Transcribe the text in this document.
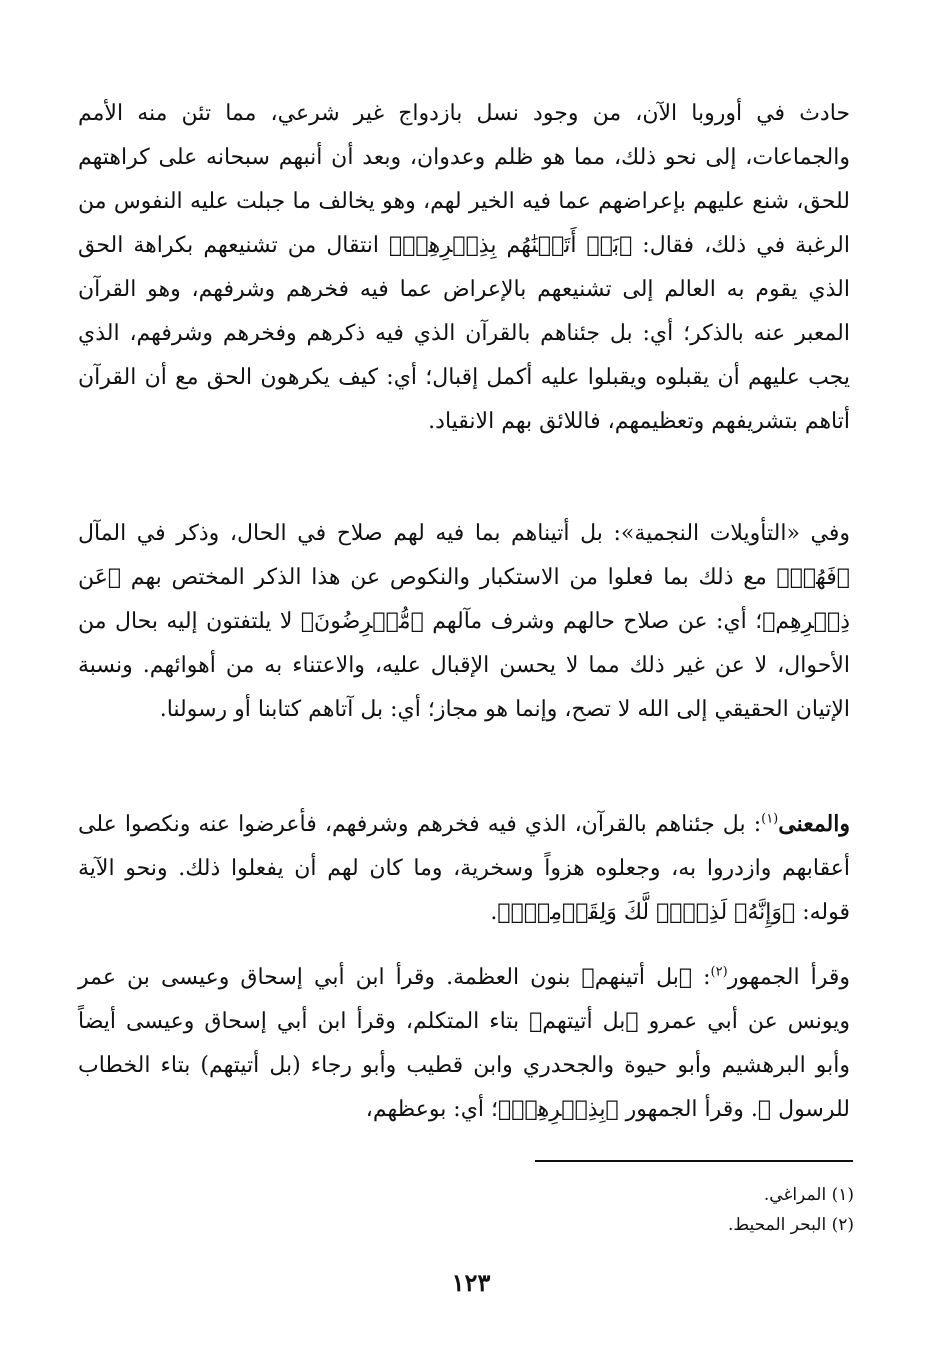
حادث في أوروبا الآن، من وجود نسل بازدواج غير شرعي، مما تئن منه الأمم والجماعات، إلى نحو ذلك، مما هو ظلم وعدوان، وبعد أن أنبهم سبحانه على كراهتهم للحق، شنع عليهم بإعراضهم عما فيه الخير لهم، وهو يخالف ما جبلت عليه النفوس من الرغبة في ذلك، فقال: ﴿بَلۡ أَتَيۡنَٰهُم بِذِكۡرِهِمۡ﴾ انتقال من تشنيعهم بكراهة الحق الذي يقوم به العالم إلى تشنيعهم بالإعراض عما فيه فخرهم وشرفهم، وهو القرآن المعبر عنه بالذكر؛ أي: بل جئناهم بالقرآن الذي فيه ذكرهم وفخرهم وشرفهم، الذي يجب عليهم أن يقبلوه ويقبلوا عليه أكمل إقبال؛ أي: كيف يكرهون الحق مع أن القرآن أتاهم بتشريفهم وتعظيمهم، فاللائق بهم الانقياد.

وفي «التأويلات النجمية»: بل أتيناهم بما فيه لهم صلاح في الحال، وذكر في المآل ﴿فَهُمۡ﴾ مع ذلك بما فعلوا من الاستكبار والنكوص عن هذا الذكر المختص بهم ﴿عَن ذِكۡرِهِم﴾؛ أي: عن صلاح حالهم وشرف مآلهم ﴿مُّعۡرِضُونَ﴾ لا يلتفتون إليه بحال من الأحوال، لا عن غير ذلك مما لا يحسن الإقبال عليه، والاعتناء به من أهوائهم. ونسبة الإتيان الحقيقي إلى الله لا تصح، وإنما هو مجاز؛ أي: بل آتاهم كتابنا أو رسولنا.

والمعنى$^{(١)}$: بل جئناهم بالقرآن، الذي فيه فخرهم وشرفهم، فأعرضوا عنه ونكصوا على أعقابهم وازدروا به، وجعلوه هزواً وسخرية، وما كان لهم أن يفعلوا ذلك. ونحو الآية قوله: ﴿وَإِنَّهُۥ لَذِكۡرٞ لَّكَ وَلِقَوۡمِكَۖ﴾.

وقرأ الجمهور$^{(٢)}$: ﴿بل أتينهم﴾ بنون العظمة. وقرأ ابن أبي إسحاق وعيسى بن عمر ويونس عن أبي عمرو ﴿بل أتيتهم﴾ بتاء المتكلم، وقرأ ابن أبي إسحاق وعيسى أيضاً وأبو البرهشيم وأبو حيوة والجحدري وابن قطيب وأبو رجاء (بل أتيتهم) بتاء الخطاب للرسول ﷺ. وقرأ الجمهور ﴿بِذِكۡرِهِمۡ﴾؛ أي: بوعظهم،

(١) المراغي.
(٢) البحر المحيط.
١٢٣
